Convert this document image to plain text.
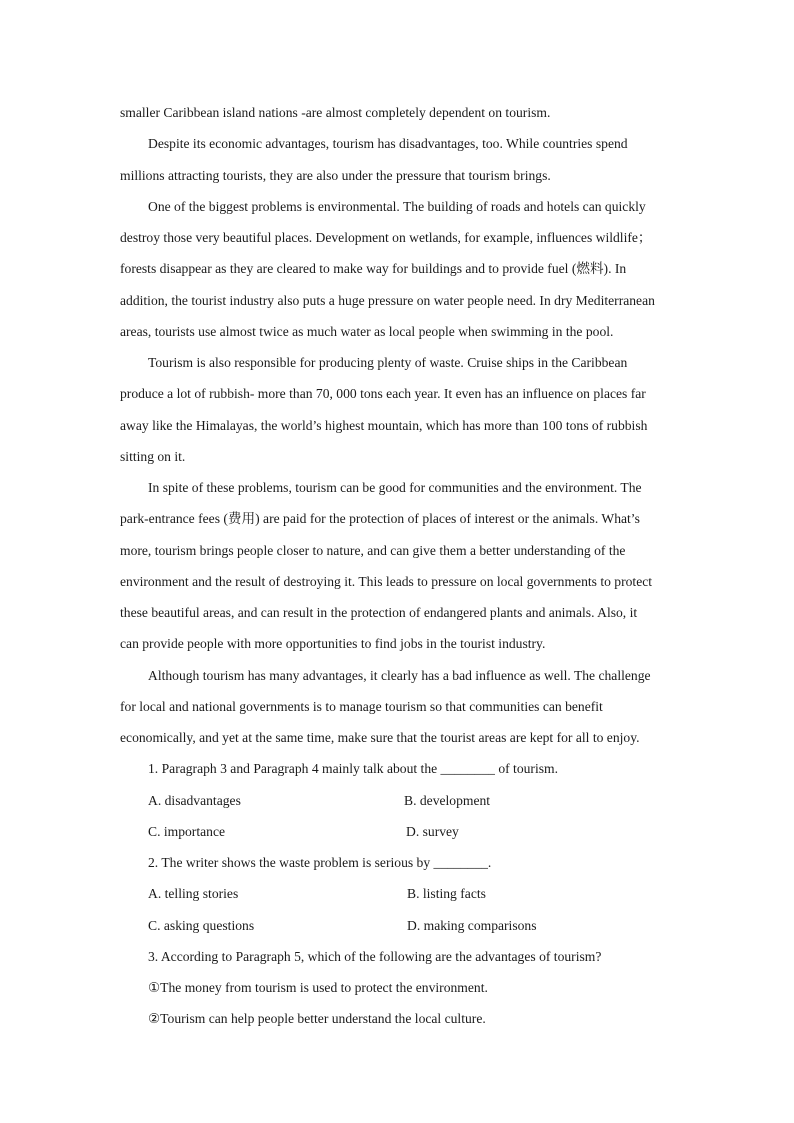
smaller Caribbean island nations -are almost completely dependent on tourism.
Despite its economic advantages, tourism has disadvantages, too. While countries spend
millions attracting tourists, they are also under the pressure that tourism brings.
One of the biggest problems is environmental. The building of roads and hotels can quickly
destroy those very beautiful places. Development on wetlands, for example, influences wildlife；
forests disappear as they are cleared to make way for buildings and to provide fuel (燃料). In
addition, the tourist industry also puts a huge pressure on water people need. In dry Mediterranean
areas, tourists use almost twice as much water as local people when swimming in the pool.
Tourism is also responsible for producing plenty of waste. Cruise ships in the Caribbean
produce a lot of rubbish- more than 70, 000 tons each year. It even has an influence on places far
away like the Himalayas, the world’s highest mountain, which has more than 100 tons of rubbish
sitting on it.
In spite of these problems, tourism can be good for communities and the environment. The
park-entrance fees (费用) are paid for the protection of places of interest or the animals. What’s
more, tourism brings people closer to nature, and can give them a better understanding of the
environment and the result of destroying it. This leads to pressure on local governments to protect
these beautiful areas, and can result in the protection of endangered plants and animals. Also, it
can provide people with more opportunities to find jobs in the tourist industry.
Although tourism has many advantages, it clearly has a bad influence as well. The challenge
for local and national governments is to manage tourism so that communities can benefit
economically, and yet at the same time, make sure that the tourist areas are kept for all to enjoy.
1. Paragraph 3 and Paragraph 4 mainly talk about the ________ of tourism.
A. disadvantages	B. development
C. importance	D. survey
2. The writer shows the waste problem is serious by ________.
A. telling stories	B. listing facts
C. asking questions	D. making comparisons
3. According to Paragraph 5, which of the following are the advantages of tourism?
①The money from tourism is used to protect the environment.
②Tourism can help people better understand the local culture.
